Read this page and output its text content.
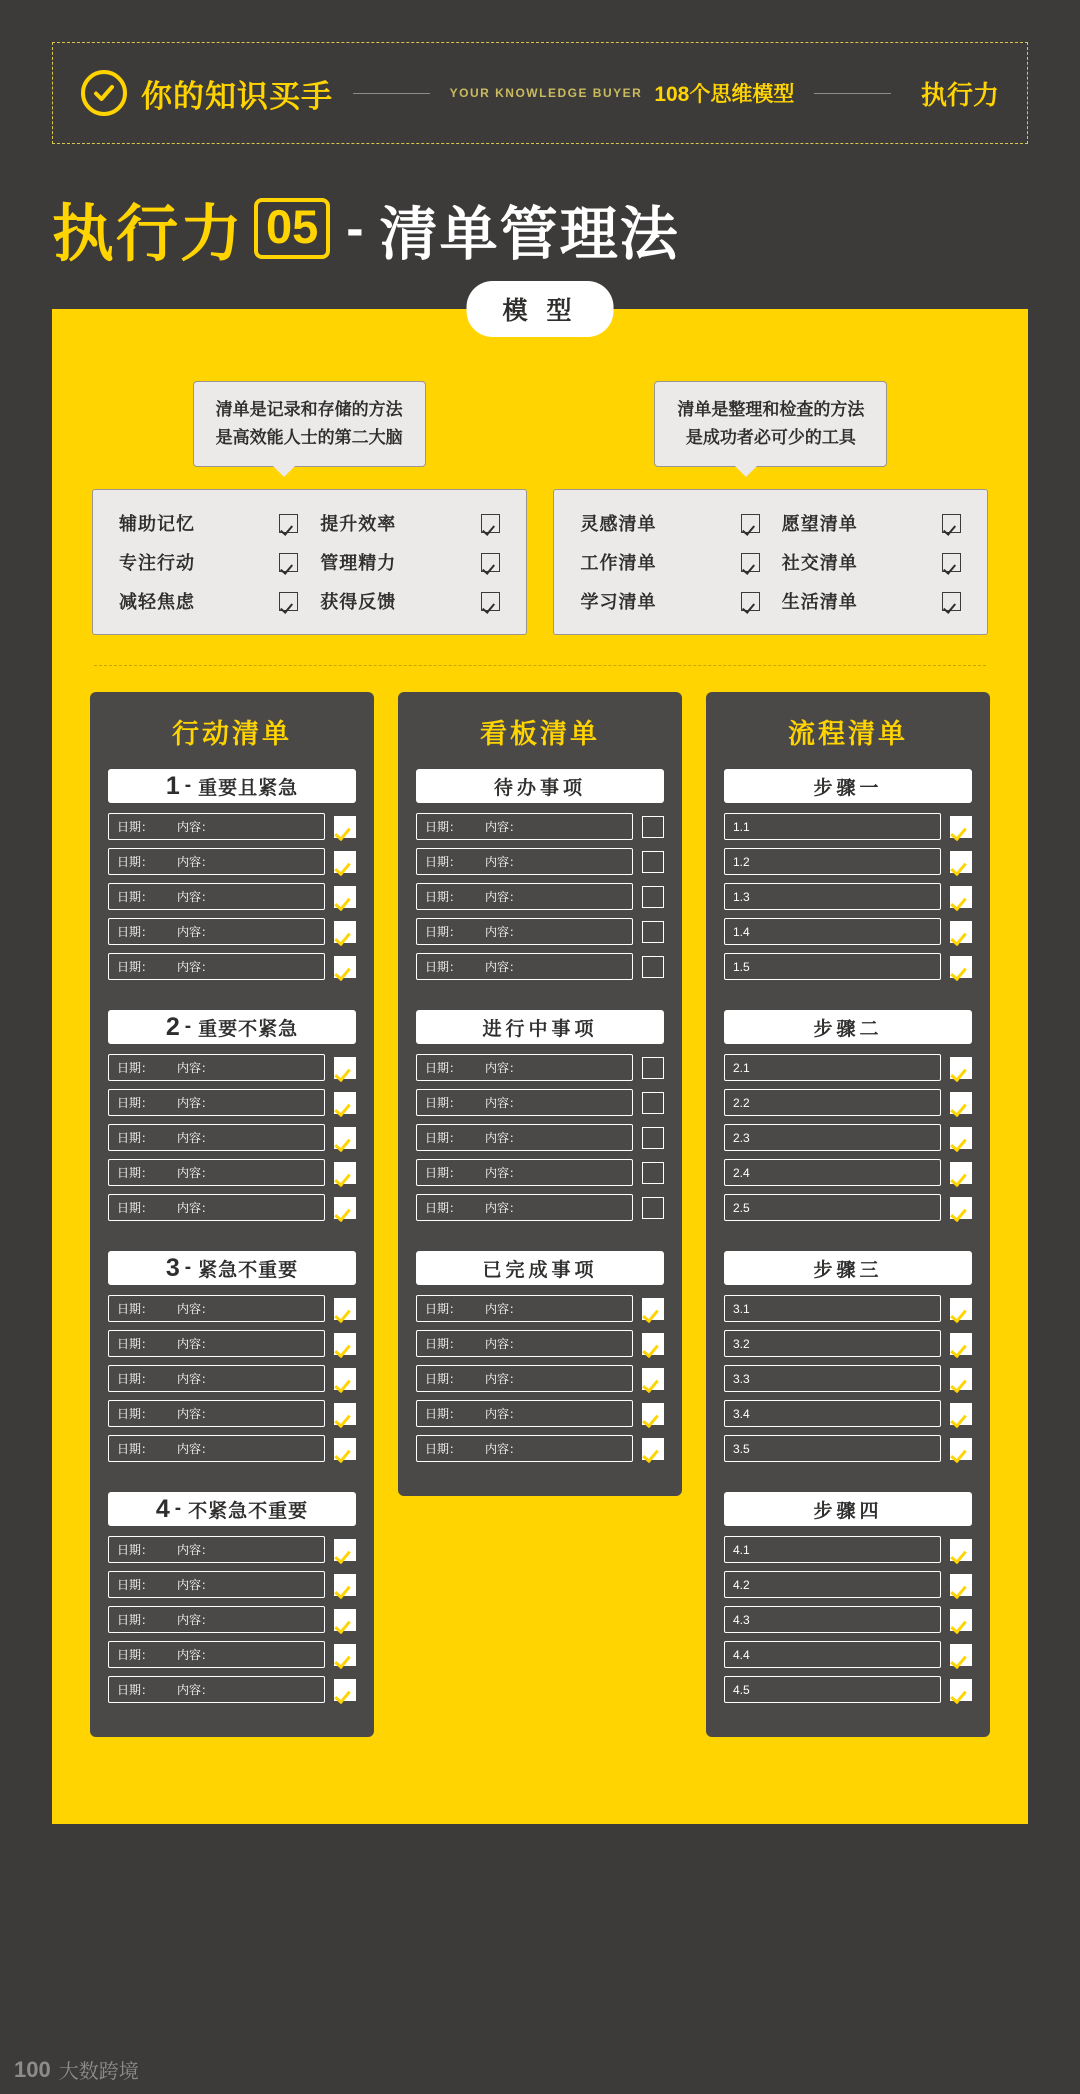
你的知识买手	YOUR KNOWLEDGE BUYER 108个思维模型	执行力
执行力 05 - 清单管理法
模 型
清单是记录和存储的方法
是高效能人士的第二大脑
清单是整理和检查的方法
是成功者必可少的工具
辅助记忆	提升效率
专注行动	管理精力
减轻焦虑	获得反馈
灵感清单	愿望清单
工作清单	社交清单
学习清单	生活清单
行动清单
1 - 重要且紧急
日期： 内容：
日期： 内容：
日期： 内容：
日期： 内容：
日期： 内容：
2 - 重要不紧急
日期： 内容：
日期： 内容：
日期： 内容：
日期： 内容：
日期： 内容：
3 - 紧急不重要
日期： 内容：
日期： 内容：
日期： 内容：
日期： 内容：
日期： 内容：
4 - 不紧急不重要
日期： 内容：
日期： 内容：
日期： 内容：
日期： 内容：
日期： 内容：
看板清单
待办事项
日期： 内容：
日期： 内容：
日期： 内容：
日期： 内容：
日期： 内容：
进行中事项
日期： 内容：
日期： 内容：
日期： 内容：
日期： 内容：
日期： 内容：
已完成事项
日期： 内容：
日期： 内容：
日期： 内容：
日期： 内容：
日期： 内容：
流程清单
步骤一
1.1
1.2
1.3
1.4
1.5
步骤二
2.1
2.2
2.3
2.4
2.5
步骤三
3.1
3.2
3.3
3.4
3.5
步骤四
4.1
4.2
4.3
4.4
4.5
个人精进成长力模型
100 大数跨境
